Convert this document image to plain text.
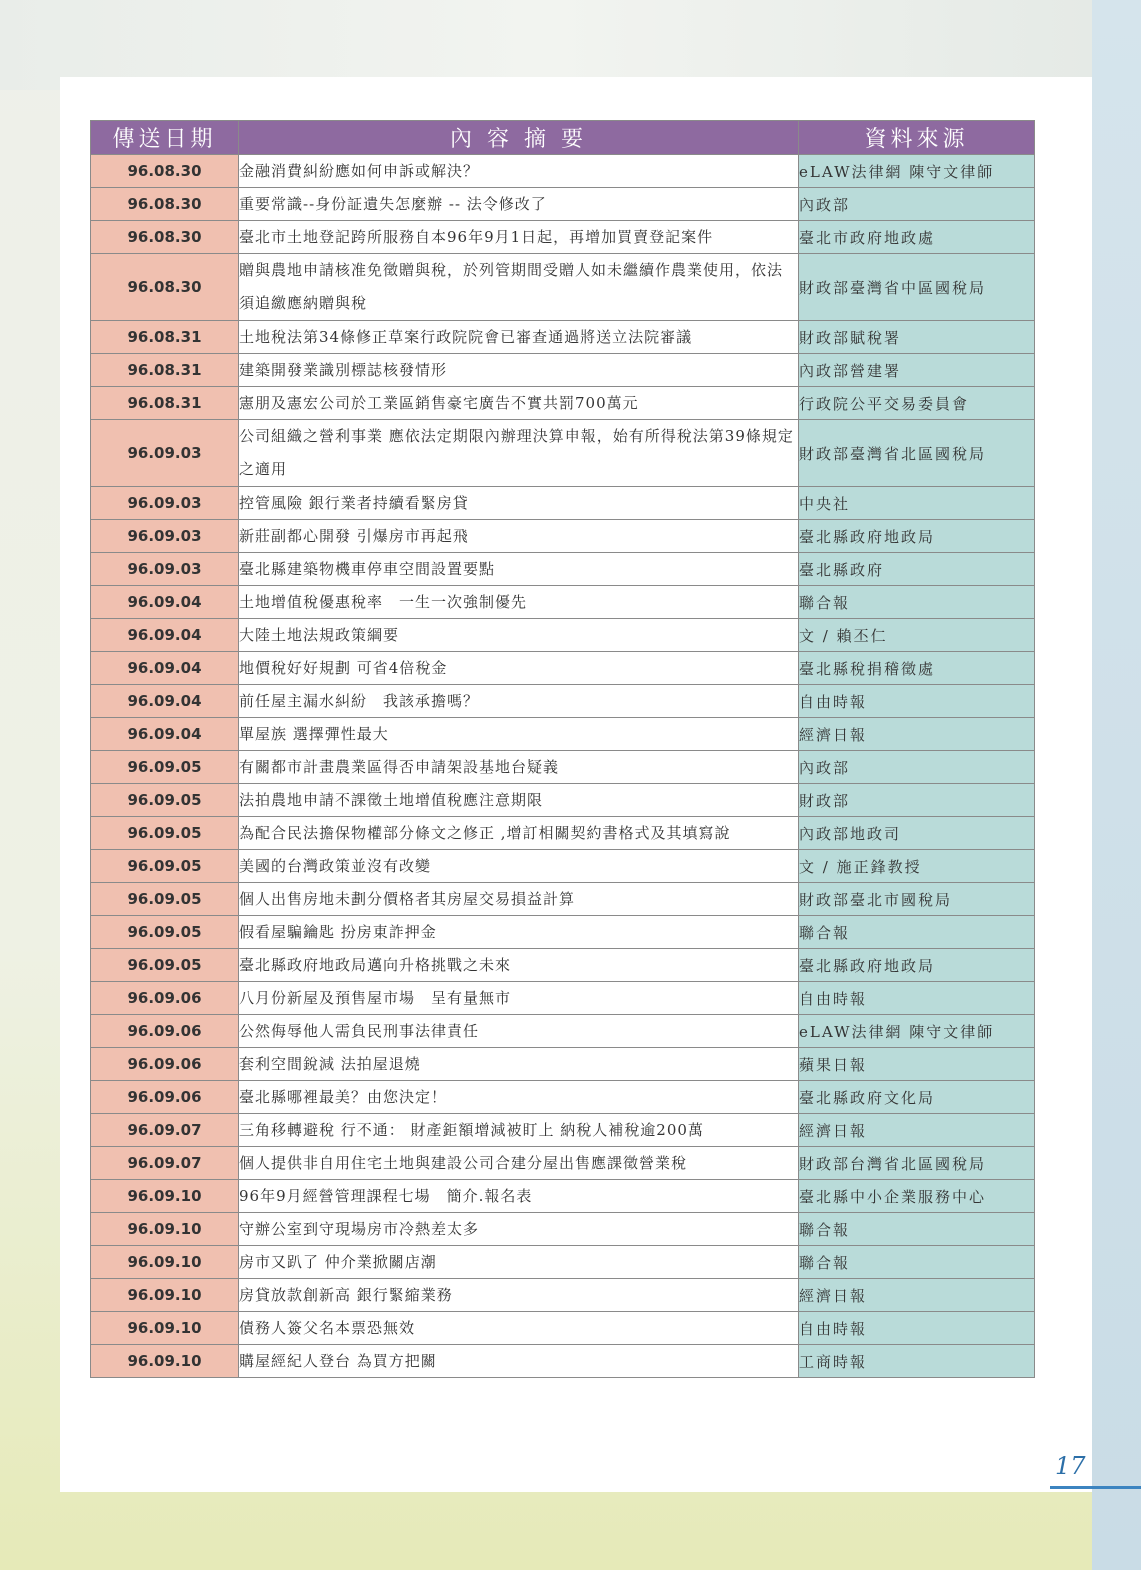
傳送日期	內 容 摘 要	資料來源
96.08.30	金融消費糾紛應如何申訴或解決？	eLAW法律網 陳守文律師
96.08.30	重要常識--身份証遺失怎麼辦 -- 法令修改了	內政部
96.08.30	臺北市土地登記跨所服務自本96年9月1日起，再增加買賣登記案件	臺北市政府地政處
96.08.30	贈與農地申請核准免徵贈與稅，於列管期間受贈人如未繼續作農業使用，依法須追繳應納贈與稅	財政部臺灣省中區國稅局
96.08.31	土地稅法第34條修正草案行政院院會已審查通過將送立法院審議	財政部賦稅署
96.08.31	建築開發業識別標誌核發情形	內政部營建署
96.08.31	憲朋及憲宏公司於工業區銷售豪宅廣告不實共罰700萬元	行政院公平交易委員會
96.09.03	公司組織之營利事業 應依法定期限內辦理決算申報，始有所得稅法第39條規定之適用	財政部臺灣省北區國稅局
96.09.03	控管風險 銀行業者持續看緊房貸	中央社
96.09.03	新莊副都心開發 引爆房市再起飛	臺北縣政府地政局
96.09.03	臺北縣建築物機車停車空間設置要點	臺北縣政府
96.09.04	土地增值稅優惠稅率　一生一次強制優先	聯合報
96.09.04	大陸土地法規政策綱要	文 / 賴丕仁
96.09.04	地價稅好好規劃 可省4倍稅金	臺北縣稅捐稽徵處
96.09.04	前任屋主漏水糾紛　我該承擔嗎？	自由時報
96.09.04	單屋族 選擇彈性最大	經濟日報
96.09.05	有關都市計畫農業區得否申請架設基地台疑義	內政部
96.09.05	法拍農地申請不課徵土地增值稅應注意期限	財政部
96.09.05	為配合民法擔保物權部分條文之修正 ,增訂相關契約書格式及其填寫說	內政部地政司
96.09.05	美國的台灣政策並沒有改變	文 / 施正鋒教授
96.09.05	個人出售房地未劃分價格者其房屋交易損益計算	財政部臺北市國稅局
96.09.05	假看屋騙鑰匙 扮房東詐押金	聯合報
96.09.05	臺北縣政府地政局邁向升格挑戰之未來	臺北縣政府地政局
96.09.06	八月份新屋及預售屋市場　呈有量無市	自由時報
96.09.06	公然侮辱他人需負民刑事法律責任	eLAW法律網 陳守文律師
96.09.06	套利空間銳減 法拍屋退燒	蘋果日報
96.09.06	臺北縣哪裡最美？由您決定！	臺北縣政府文化局
96.09.07	三角移轉避稅 行不通： 財產鉅額增減被盯上 納稅人補稅逾200萬	經濟日報
96.09.07	個人提供非自用住宅土地與建設公司合建分屋出售應課徵營業稅	財政部台灣省北區國稅局
96.09.10	96年9月經營管理課程七場　簡介.報名表	臺北縣中小企業服務中心
96.09.10	守辦公室到守現場房市冷熱差太多	聯合報
96.09.10	房市又趴了 仲介業掀關店潮	聯合報
96.09.10	房貸放款創新高 銀行緊縮業務	經濟日報
96.09.10	債務人簽父名本票恐無效	自由時報
96.09.10	購屋經紀人登台 為買方把關	工商時報
17
